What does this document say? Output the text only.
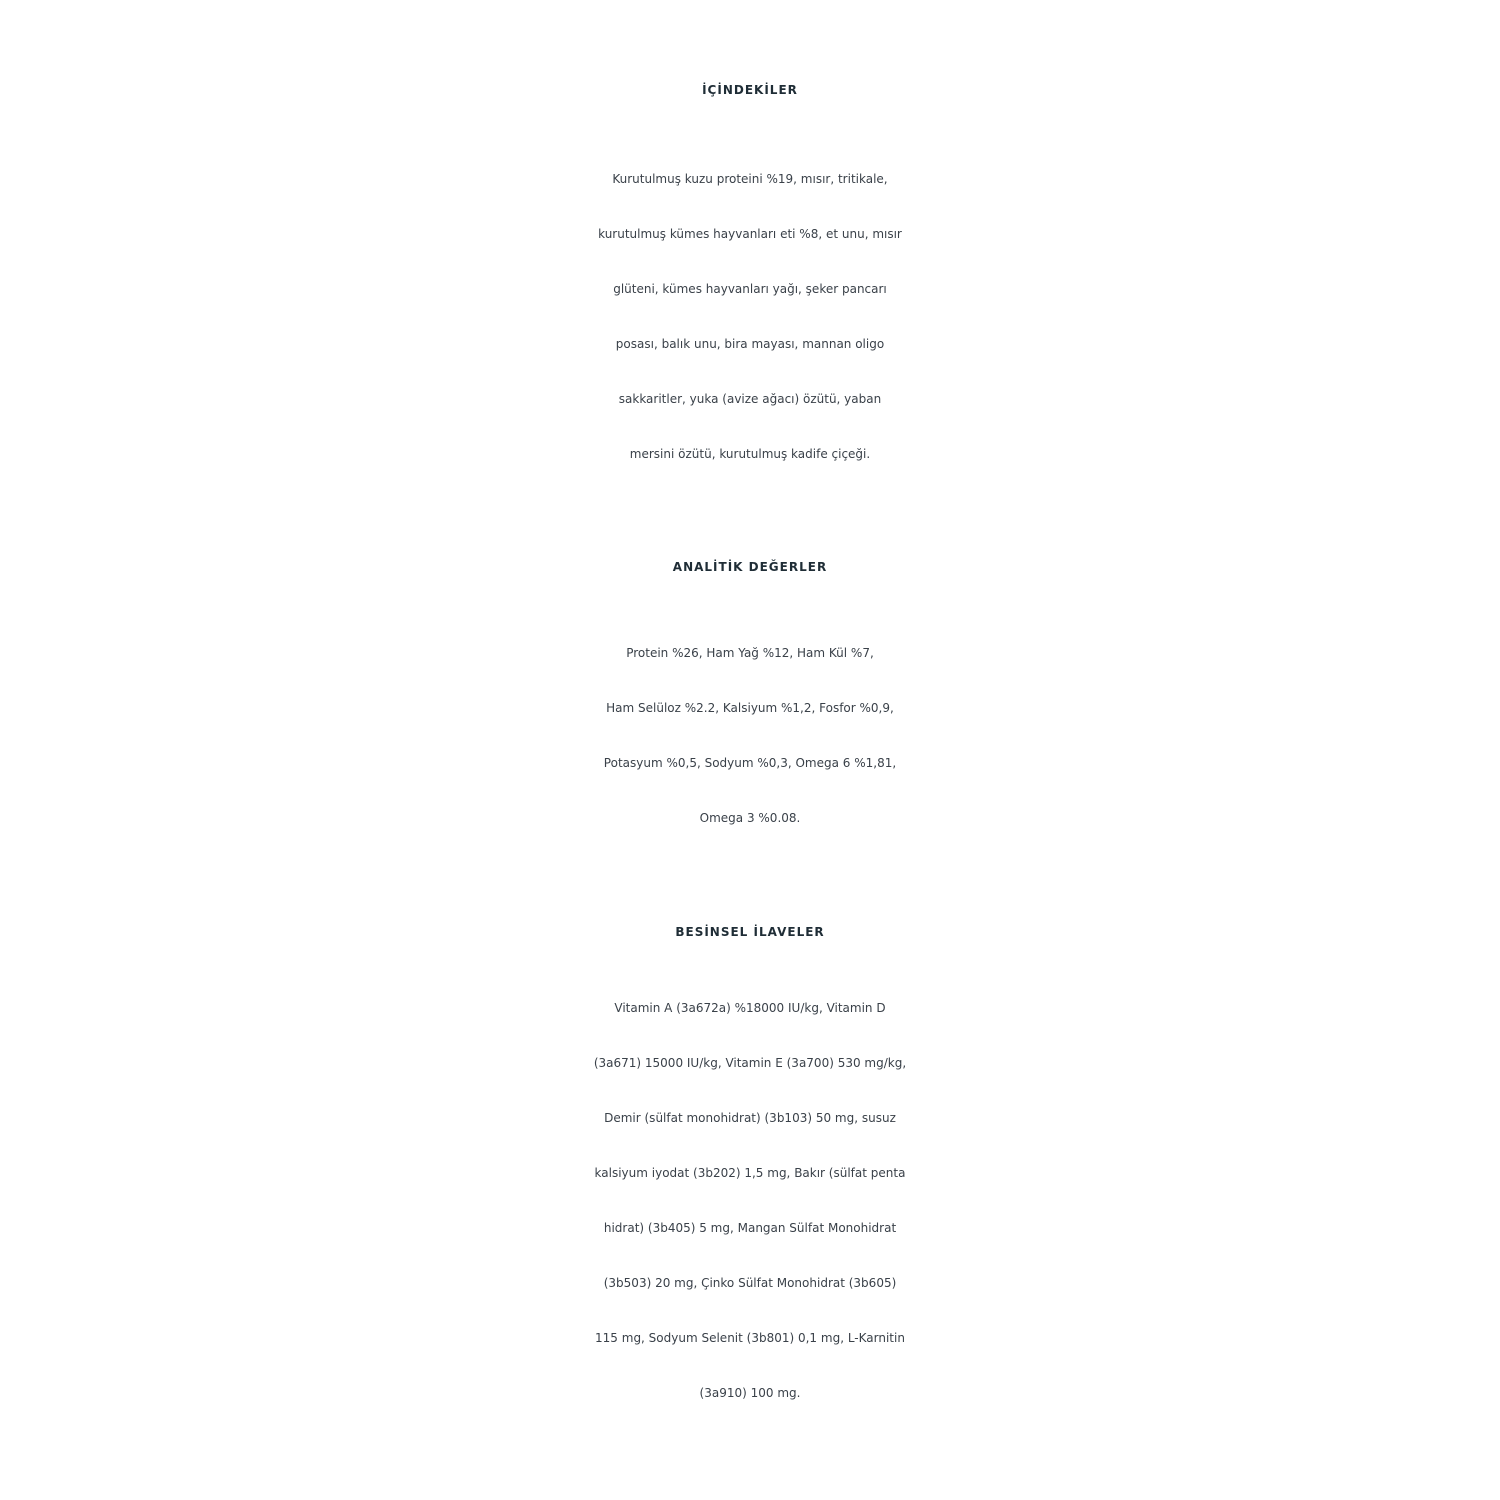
İÇİNDEKİLER

Kurutulmuş kuzu proteini %19, mısır, tritikale,

kurutulmuş kümes hayvanları eti %8, et unu, mısır

glüteni, kümes hayvanları yağı, şeker pancarı

posası, balık unu, bira mayası, mannan oligo

sakkaritler, yuka (avize ağacı) özütü, yaban

mersini özütü, kurutulmuş kadife çiçeği.

ANALİTİK DEĞERLER

Protein %26, Ham Yağ %12, Ham Kül %7,

Ham Selüloz %2.2, Kalsiyum %1,2, Fosfor %0,9,

Potasyum %0,5, Sodyum %0,3, Omega 6 %1,81,

Omega 3 %0.08.

BESİNSEL İLAVELER

Vitamin A (3a672a) %18000 IU/kg, Vitamin D

(3a671) 15000 IU/kg, Vitamin E (3a700) 530 mg/kg,

Demir (sülfat monohidrat) (3b103) 50 mg, susuz

kalsiyum iyodat (3b202) 1,5 mg, Bakır (sülfat penta

hidrat) (3b405) 5 mg, Mangan Sülfat Monohidrat

(3b503) 20 mg, Çinko Sülfat Monohidrat (3b605)

115 mg, Sodyum Selenit (3b801) 0,1 mg, L-Karnitin

(3a910) 100 mg.
